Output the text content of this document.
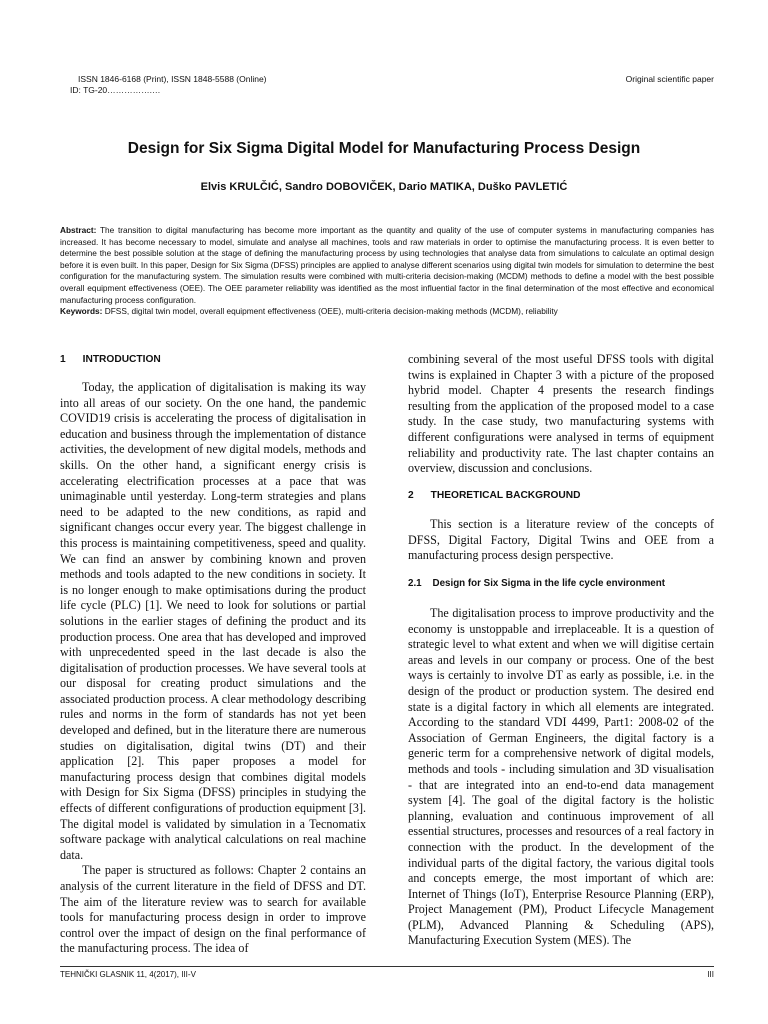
ISSN 1846-6168 (Print), ISSN 1848-5588 (Online)
ID: TG-20…………….…
Original scientific paper
Design for Six Sigma Digital Model for Manufacturing Process Design
Elvis KRULČIĆ, Sandro DOBOVIČEK, Dario MATIKA, Duško PAVLETIĆ
Abstract: The transition to digital manufacturing has become more important as the quantity and quality of the use of computer systems in manufacturing companies has increased. It has become necessary to model, simulate and analyse all machines, tools and raw materials in order to optimise the manufacturing process. It is even better to determine the best possible solution at the stage of defining the manufacturing process by using technologies that analyse data from simulations to calculate an optimal design before it is even built. In this paper, Design for Six Sigma (DFSS) principles are applied to analyse different scenarios using digital twin models for simulation to determine the best configuration for the manufacturing system. The simulation results were combined with multi-criteria decision-making (MCDM) methods to define a model with the best possible overall equipment effectiveness (OEE). The OEE parameter reliability was identified as the most influential factor in the final determination of the most effective and economical manufacturing process configuration.
Keywords: DFSS, digital twin model, overall equipment effectiveness (OEE), multi-criteria decision-making methods (MCDM), reliability
1      INTRODUCTION

Today, the application of digitalisation is making its way into all areas of our society. On the one hand, the pandemic COVID19 crisis is accelerating the process of digitalisation in education and business through the implementation of distance activities, the development of new digital models, methods and skills. On the other hand, a significant energy crisis is accelerating electrification processes at a pace that was unimaginable until yesterday. Long-term strategies and plans need to be adapted to the new conditions, as rapid and significant changes occur every year. The biggest challenge in this process is maintaining competitiveness, speed and quality. We can find an answer by combining known and proven methods and tools adapted to the new conditions in society. It is no longer enough to make optimisations during the product life cycle (PLC) [1]. We need to look for solutions or partial solutions in the earlier stages of defining the product and its production process. One area that has developed and improved with unprecedented speed in the last decade is also the digitalisation of production processes. We have several tools at our disposal for creating product simulations and the associated production process. A clear methodology describing rules and norms in the form of standards has not yet been developed and defined, but in the literature there are numerous studies on digitalisation, digital twins (DT) and their application [2]. This paper proposes a model for manufacturing process design that combines digital models with Design for Six Sigma (DFSS) principles in studying the effects of different configurations of production equipment [3]. The digital model is validated by simulation in a Tecnomatix software package with analytical calculations on real machine data.

The paper is structured as follows: Chapter 2 contains an analysis of the current literature in the field of DFSS and DT. The aim of the literature review was to search for available tools for manufacturing process design in order to improve control over the impact of design on the final performance of the manufacturing process. The idea of

combining several of the most useful DFSS tools with digital twins is explained in Chapter 3 with a picture of the proposed hybrid model. Chapter 4 presents the research findings resulting from the application of the proposed model to a case study. In the case study, two manufacturing systems with different configurations were analysed in terms of equipment reliability and productivity rate. The last chapter contains an overview, discussion and conclusions.

2      THEORETICAL BACKGROUND

This section is a literature review of the concepts of DFSS, Digital Factory, Digital Twins and OEE from a manufacturing process design perspective.

2.1    Design for Six Sigma in the life cycle environment

The digitalisation process to improve productivity and the economy is unstoppable and irreplaceable. It is a question of strategic level to what extent and when we will digitise certain areas and levels in our company or process. One of the best ways is certainly to involve DT as early as possible, i.e. in the design of the product or production system. The desired end state is a digital factory in which all elements are integrated. According to the standard VDI 4499, Part1: 2008-02 of the Association of German Engineers, the digital factory is a generic term for a comprehensive network of digital models, methods and tools - including simulation and 3D visualisation - that are integrated into an end-to-end data management system [4]. The goal of the digital factory is the holistic planning, evaluation and continuous improvement of all essential structures, processes and resources of a real factory in connection with the product. In the development of the individual parts of the digital factory, the various digital tools and concepts emerge, the most important of which are: Internet of Things (IoT), Enterprise Resource Planning (ERP), Project Management (PM), Product Lifecycle Management (PLM), Advanced Planning & Scheduling (APS), Manufacturing Execution System (MES). The

TEHNIČKI GLASNIK 11, 4(2017), III-V	III
